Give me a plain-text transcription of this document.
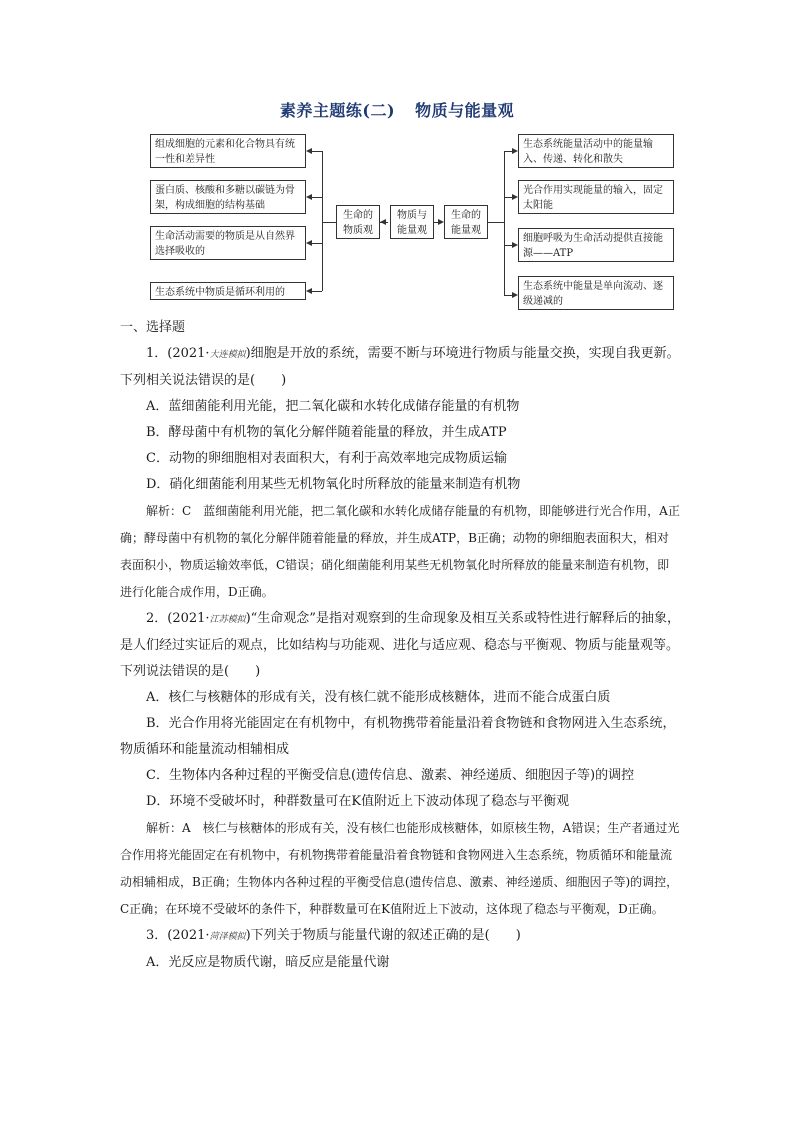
素养主题练(二) 物质与能量观
组成细胞的元素和化合物具有统一性和差异性
蛋白质、核酸和多糖以碳链为骨架，构成细胞的结构基础
生命活动需要的物质是从自然界选择吸收的
生态系统中物质是循环利用的
生命的物质观
物质与能量观
生命的能量观
生态系统能量活动中的能量输入、传递、转化和散失
光合作用实现能量的输入，固定太阳能
细胞呼吸为生命活动提供直接能源——ATP
生态系统中能量是单向流动、逐级递减的

一、选择题

1．(2021·大连模拟)细胞是开放的系统，需要不断与环境进行物质与能量交换，实现自我更新。下列相关说法错误的是(　　)

A．蓝细菌能利用光能，把二氧化碳和水转化成储存能量的有机物

B．酵母菌中有机物的氧化分解伴随着能量的释放，并生成ATP

C．动物的卵细胞相对表面积大，有利于高效率地完成物质运输

D．硝化细菌能利用某些无机物氧化时所释放的能量来制造有机物

解析：C　蓝细菌能利用光能，把二氧化碳和水转化成储存能量的有机物，即能够进行光合作用，A正确；酵母菌中有机物的氧化分解伴随着能量的释放，并生成ATP，B正确；动物的卵细胞表面积大，相对表面积小，物质运输效率低，C错误；硝化细菌能利用某些无机物氧化时所释放的能量来制造有机物，即进行化能合成作用，D正确。

2．(2021·江苏模拟)“生命观念”是指对观察到的生命现象及相互关系或特性进行解释后的抽象，是人们经过实证后的观点，比如结构与功能观、进化与适应观、稳态与平衡观、物质与能量观等。下列说法错误的是(　　)

A．核仁与核糖体的形成有关，没有核仁就不能形成核糖体，进而不能合成蛋白质

B．光合作用将光能固定在有机物中，有机物携带着能量沿着食物链和食物网进入生态系统，物质循环和能量流动相辅相成

C．生物体内各种过程的平衡受信息(遗传信息、激素、神经递质、细胞因子等)的调控

D．环境不受破坏时，种群数量可在K值附近上下波动体现了稳态与平衡观

解析：A　核仁与核糖体的形成有关，没有核仁也能形成核糖体，如原核生物，A错误；生产者通过光合作用将光能固定在有机物中，有机物携带着能量沿着食物链和食物网进入生态系统，物质循环和能量流动相辅相成，B正确；生物体内各种过程的平衡受信息(遗传信息、激素、神经递质、细胞因子等)的调控，C正确；在环境不受破坏的条件下，种群数量可在K值附近上下波动，这体现了稳态与平衡观，D正确。

3．(2021·菏泽模拟)下列关于物质与能量代谢的叙述正确的是(　　)

A．光反应是物质代谢，暗反应是能量代谢
